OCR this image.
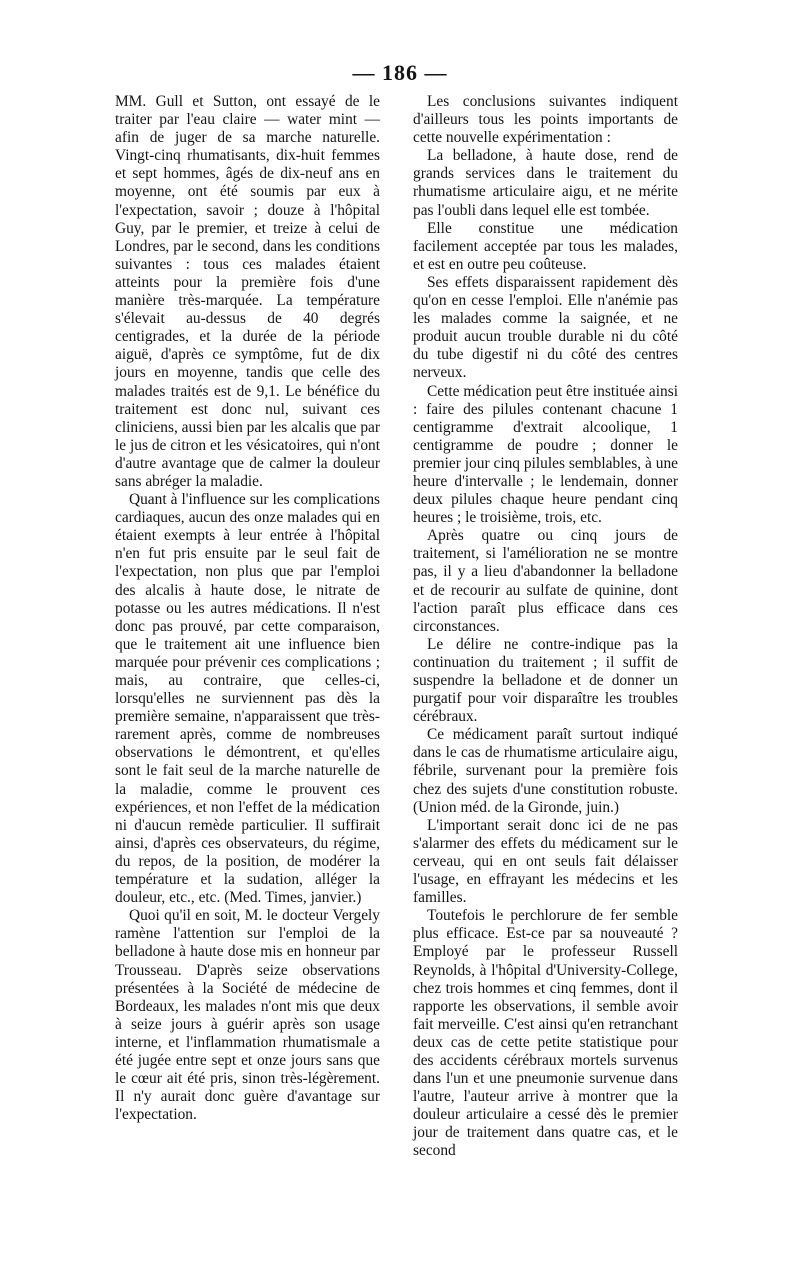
— 186 —

MM. Gull et Sutton, ont essayé de le traiter par l'eau claire — water mint — afin de juger de sa marche naturelle. Vingt-cinq rhumatisants, dix-huit femmes et sept hommes, âgés de dix-neuf ans en moyenne, ont été soumis par eux à l'expectation, savoir ; douze à l'hôpital Guy, par le premier, et treize à celui de Londres, par le second, dans les conditions suivantes : tous ces malades étaient atteints pour la première fois d'une manière très-marquée. La température s'élevait au-dessus de 40 degrés centigrades, et la durée de la période aiguë, d'après ce symptôme, fut de dix jours en moyenne, tandis que celle des malades traités est de 9,1. Le bénéfice du traitement est donc nul, suivant ces cliniciens, aussi bien par les alcalis que par le jus de citron et les vésicatoires, qui n'ont d'autre avantage que de calmer la douleur sans abréger la maladie.

Quant à l'influence sur les complications cardiaques, aucun des onze malades qui en étaient exempts à leur entrée à l'hôpital n'en fut pris ensuite par le seul fait de l'expectation, non plus que par l'emploi des alcalis à haute dose, le nitrate de potasse ou les autres médications. Il n'est donc pas prouvé, par cette comparaison, que le traitement ait une influence bien marquée pour prévenir ces complications ; mais, au contraire, que celles-ci, lorsqu'elles ne surviennent pas dès la première semaine, n'apparaissent que très-rarement après, comme de nombreuses observations le démontrent, et qu'elles sont le fait seul de la marche naturelle de la maladie, comme le prouvent ces expériences, et non l'effet de la médication ni d'aucun remède particulier. Il suffirait ainsi, d'après ces observateurs, du régime, du repos, de la position, de modérer la température et la sudation, alléger la douleur, etc., etc. (Med. Times, janvier.)

Quoi qu'il en soit, M. le docteur Vergely ramène l'attention sur l'emploi de la belladone à haute dose mis en honneur par Trousseau. D'après seize observations présentées à la Société de médecine de Bordeaux, les malades n'ont mis que deux à seize jours à guérir après son usage interne, et l'inflammation rhumatismale a été jugée entre sept et onze jours sans que le cœur ait été pris, sinon très-légèrement. Il n'y aurait donc guère d'avantage sur l'expectation.

Les conclusions suivantes indiquent d'ailleurs tous les points importants de cette nouvelle expérimentation :

La belladone, à haute dose, rend de grands services dans le traitement du rhumatisme articulaire aigu, et ne mérite pas l'oubli dans lequel elle est tombée.

Elle constitue une médication facilement acceptée par tous les malades, et est en outre peu coûteuse.

Ses effets disparaissent rapidement dès qu'on en cesse l'emploi. Elle n'anémie pas les malades comme la saignée, et ne produit aucun trouble durable ni du côté du tube digestif ni du côté des centres nerveux.

Cette médication peut être instituée ainsi : faire des pilules contenant chacune 1 centigramme d'extrait alcoolique, 1 centigramme de poudre ; donner le premier jour cinq pilules semblables, à une heure d'intervalle ; le lendemain, donner deux pilules chaque heure pendant cinq heures ; le troisième, trois, etc.

Après quatre ou cinq jours de traitement, si l'amélioration ne se montre pas, il y a lieu d'abandonner la belladone et de recourir au sulfate de quinine, dont l'action paraît plus efficace dans ces circonstances.

Le délire ne contre-indique pas la continuation du traitement ; il suffit de suspendre la belladone et de donner un purgatif pour voir disparaître les troubles cérébraux.

Ce médicament paraît surtout indiqué dans le cas de rhumatisme articulaire aigu, fébrile, survenant pour la première fois chez des sujets d'une constitution robuste. (Union méd. de la Gironde, juin.)

L'important serait donc ici de ne pas s'alarmer des effets du médicament sur le cerveau, qui en ont seuls fait délaisser l'usage, en effrayant les médecins et les familles.

Toutefois le perchlorure de fer semble plus efficace. Est-ce par sa nouveauté ? Employé par le professeur Russell Reynolds, à l'hôpital d'University-College, chez trois hommes et cinq femmes, dont il rapporte les observations, il semble avoir fait merveille. C'est ainsi qu'en retranchant deux cas de cette petite statistique pour des accidents cérébraux mortels survenus dans l'un et une pneumonie survenue dans l'autre, l'auteur arrive à montrer que la douleur articulaire a cessé dès le premier jour de traitement dans quatre cas, et le second
